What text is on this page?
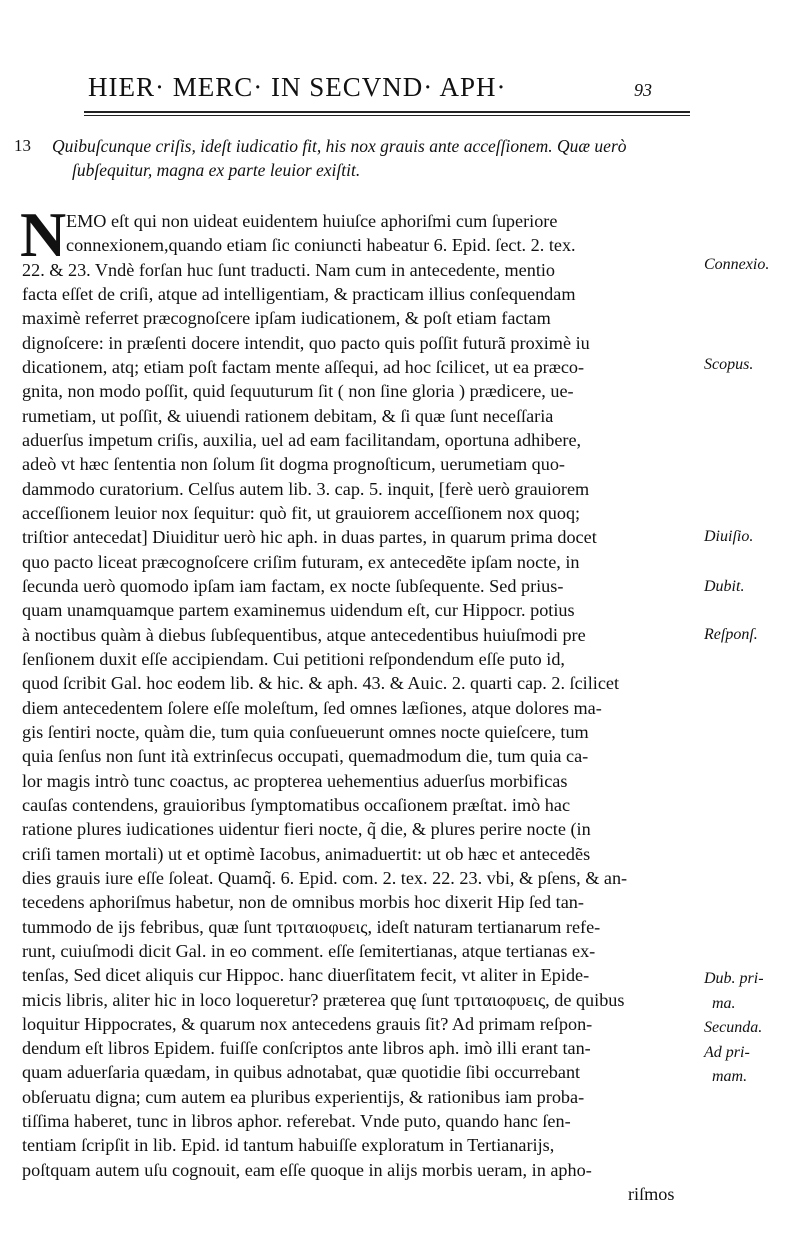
HIER· MERC· IN SECVND· APH·	93
13 Quibuſcunque criſis, ideſt iudicatio fit, his nox grauis ante acceſſionem. Quæ uerò
ſubſequitur, magna ex parte leuior exiſtit.
N EMO eſt qui non uideat euidentem huiuſce aphoriſmi cum ſuperiore
connexionem,quando etiam ſic coniuncti habeatur 6. Epid. ſect. 2. tex.
22. & 23. Vndè forſan huc ſunt traducti. Nam cum in antecedente, mentio
facta eſſet de criſi, atque ad intelligentiam, & practicam illius conſequendam
maximè referret præcognoſcere ipſam iudicationem, & poſt etiam factam
dignoſcere: in præſenti docere intendit, quo pacto quis poſſit futurã proximè iu
dicationem, atq; etiam poſt factam mente aſſequi, ad hoc ſcilicet, ut ea præco-
gnita, non modo poſſit, quid ſequuturum ſit ( non ſine gloria ) prædicere, ue-
rumetiam, ut poſſit, & uiuendi rationem debitam, & ſi quæ ſunt neceſſaria
aduerſus impetum criſis, auxilia, uel ad eam facilitandam, oportuna adhibere,
adeò vt hæc ſententia non ſolum ſit dogma prognoſticum, uerumetiam quo-
dammodo curatorium. Celſus autem lib. 3. cap. 5. inquit, [ferè uerò grauiorem
acceſſionem leuior nox ſequitur: quò fit, ut grauiorem acceſſionem nox quoq;
triſtior antecedat] Diuiditur uerò hic aph. in duas partes, in quarum prima docet
quo pacto liceat præcognoſcere criſim futuram, ex antecedẽte ipſam nocte, in
ſecunda uerò quomodo ipſam iam factam, ex nocte ſubſequente. Sed prius-
quam unamquamque partem examinemus uidendum eſt, cur Hippocr. potius
à noctibus quàm à diebus ſubſequentibus, atque antecedentibus huiuſmodi pre
ſenſionem duxit eſſe accipiendam. Cui petitioni reſpondendum eſſe puto id,
quod ſcribit Gal. hoc eodem lib. & hic. & aph. 43. & Auic. 2. quarti cap. 2. ſcilicet
diem antecedentem ſolere eſſe moleſtum, ſed omnes læſiones, atque dolores ma-
gis ſentiri nocte, quàm die, tum quia conſueuerunt omnes nocte quieſcere, tum
quia ſenſus non ſunt ità extrinſecus occupati, quemadmodum die, tum quia ca-
lor magis intrò tunc coactus, ac propterea uehementius aduerſus morbificas
cauſas contendens, grauioribus ſymptomatibus occaſionem præſtat. imò hac
ratione plures iudicationes uidentur fieri nocte, q̃ die, & plures perire nocte (in
criſi tamen mortali) ut et optimè Iacobus, animaduertit: ut ob hæc et antecedẽs
dies grauis iure eſſe ſoleat. Quamq̃. 6. Epid. com. 2. tex. 22. 23. vbi, & pſens, & an-
tecedens aphoriſmus habetur, non de omnibus morbis hoc dixerit Hip ſed tan-
tummodo de ijs febribus, quæ ſunt τριταιοφυεις, ideſt naturam tertianarum refe-
runt, cuiuſmodi dicit Gal. in eo comment. eſſe ſemitertianas, atque tertianas ex-
tenſas, Sed dicet aliquis cur Hippoc. hanc diuerſitatem fecit, vt aliter in Epide-
micis libris, aliter hic in loco loqueretur? præterea quę ſunt τριταιοφυεις, de quibus
loquitur Hippocrates, & quarum nox antecedens grauis ſit? Ad primam reſpon-
dendum eſt libros Epidem. fuiſſe conſcriptos ante libros aph. imò illi erant tan-
quam aduerſaria quædam, in quibus adnotabat, quæ quotidie ſibi occurrebant
obſeruatu digna; cum autem ea pluribus experientijs, & rationibus iam proba-
tiſſima haberet, tunc in libros aphor. referebat. Vnde puto, quando hanc ſen-
tentiam ſcripſit in lib. Epid. id tantum habuiſſe exploratum in Tertianarijs,
poſtquam autem uſu cognouit, eam eſſe quoque in alijs morbis ueram, in apho-
riſmos
Connexio.
Scopus.
Diuiſio.
Dubit.
Reſponſ.
Dub. pri-
ma.
Secunda.
Ad pri-
mam.
